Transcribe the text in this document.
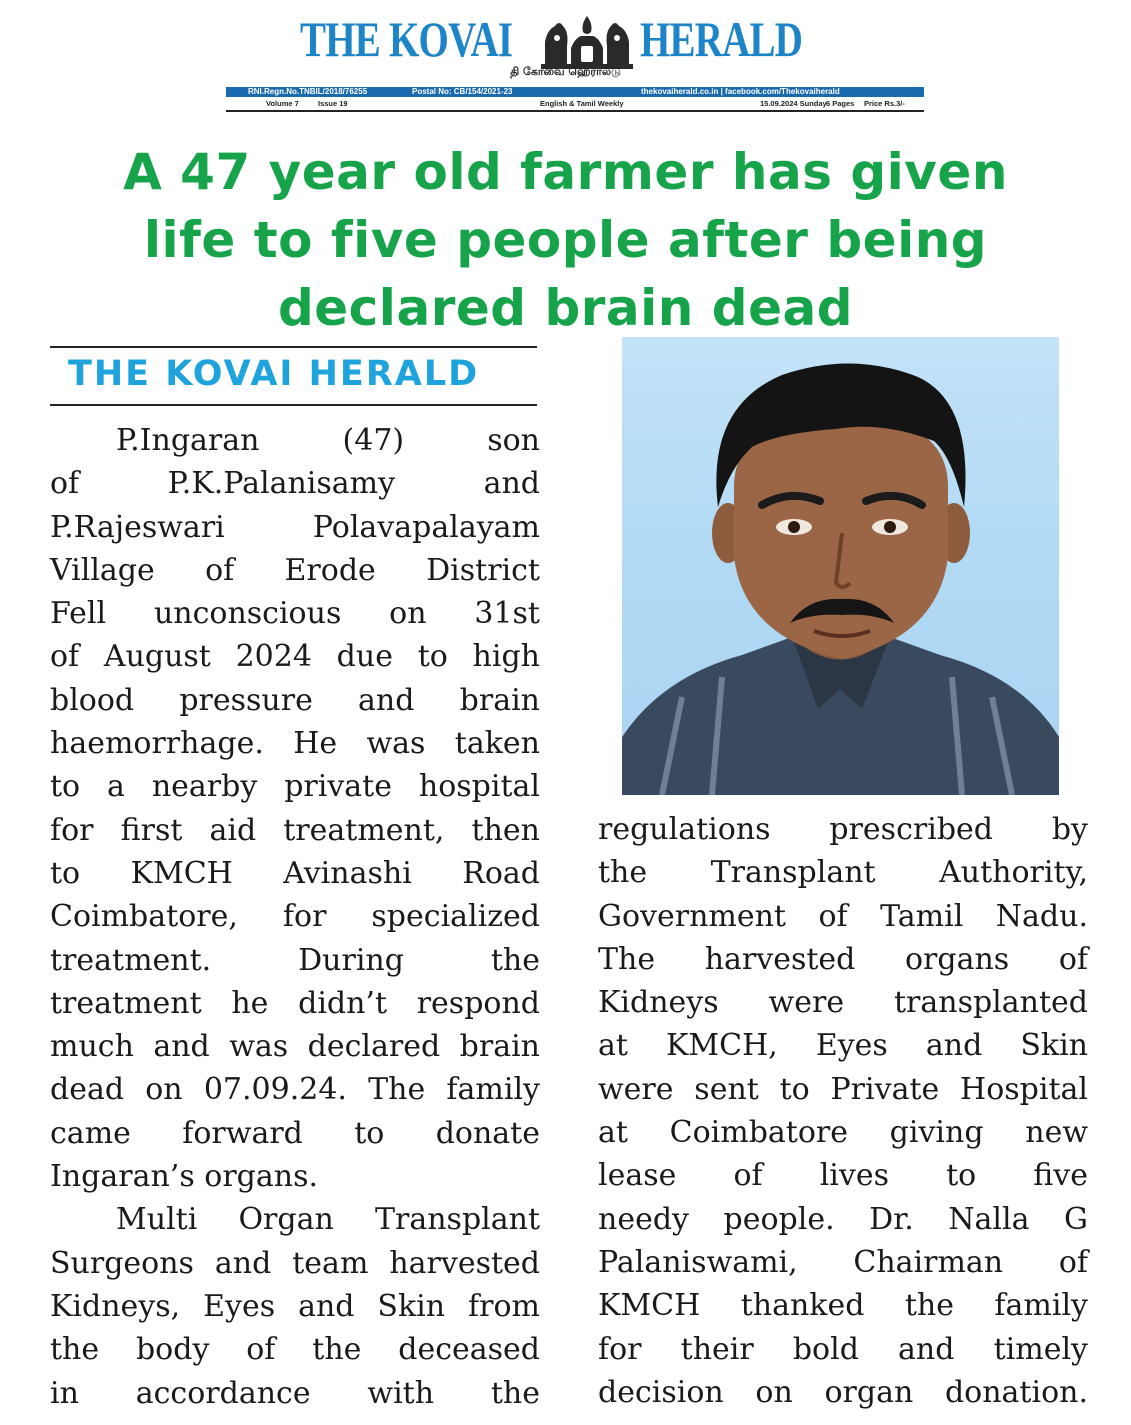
THE KOVAI	HERALD
தி கோவை ஹெரால்டு
RNI.Regn.No.TNBIL/2018/76255	Postal No: CB/154/2021-23	thekovaiherald.co.in | facebook.com/Thekovaiherald
Volume 7	Issue 19	English & Tamil Weekly	15.09.2024 Sunday 6 Pages Price Rs.3/-
A 47 year old farmer has given
life to five people after being
declared brain dead
THE KOVAI HERALD
P.Ingaran (47) son
of P.K.Palanisamy and
P.Rajeswari Polavapalayam
Village of Erode District
Fell unconscious on 31st
of August 2024 due to high
blood pressure and brain
haemorrhage. He was taken
to a nearby private hospital
for first aid treatment, then
to KMCH Avinashi Road
Coimbatore, for specialized
treatment. During the
treatment he didn’t respond
much and was declared brain
dead on 07.09.24. The family
came forward to donate
Ingaran’s organs.
Multi Organ Transplant
Surgeons and team harvested
Kidneys, Eyes and Skin from
the body of the deceased
in accordance with the
regulations prescribed by
the Transplant Authority,
Government of Tamil Nadu.
The harvested organs of
Kidneys were transplanted
at KMCH, Eyes and Skin
were sent to Private Hospital
at Coimbatore giving new
lease of lives to five
needy people. Dr. Nalla G
Palaniswami, Chairman of
KMCH thanked the family
for their bold and timely
decision on organ donation.
